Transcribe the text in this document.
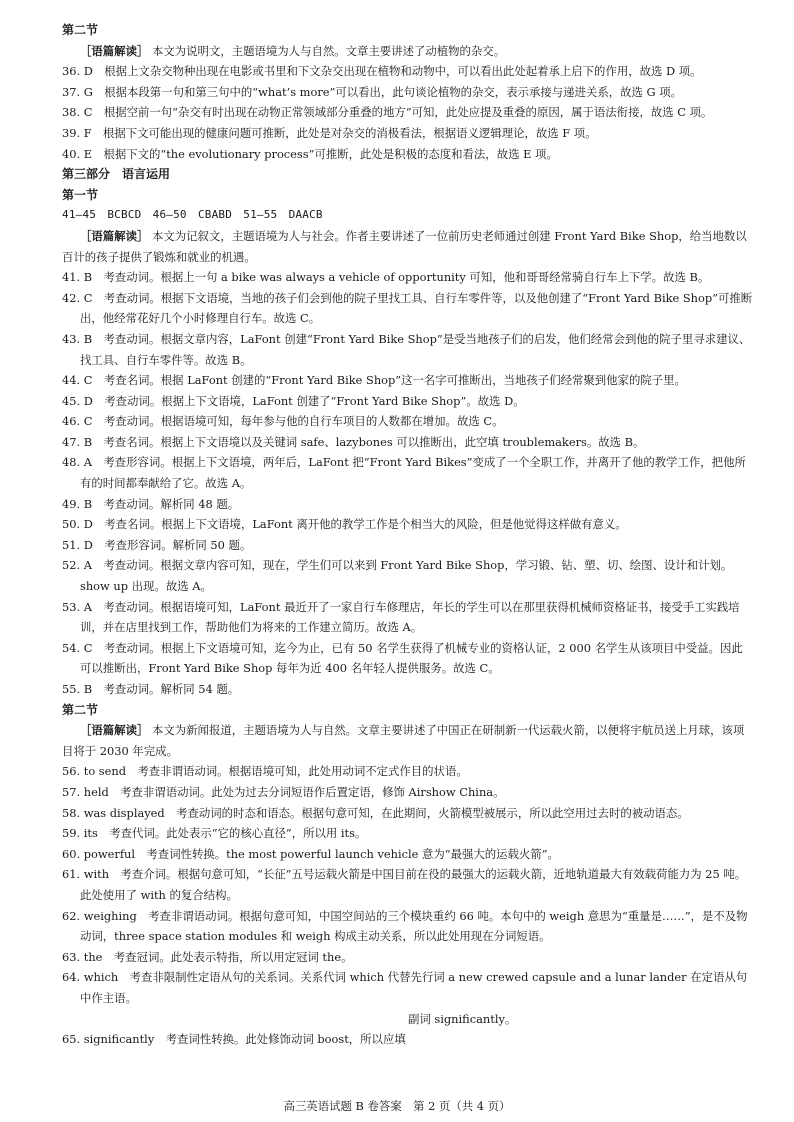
第二节
［语篇解读］ 本文为说明文，主题语境为人与自然。文章主要讲述了动植物的杂交。
36. D　根据上文杂交物种出现在电影或书里和下文杂交出现在植物和动物中，可以看出此处起着承上启下的作用，故选 D 项。
37. G　根据本段第一句和第三句中的“what’s more”可以看出，此句谈论植物的杂交，表示承接与递进关系，故选 G 项。
38. C　根据空前一句“杂交有时出现在动物正常领域部分重叠的地方”可知，此处应提及重叠的原因，属于语法衔接，故选 C 项。
39. F　根据下文可能出现的健康问题可推断，此处是对杂交的消极看法，根据语义逻辑理论，故选 F 项。
40. E　根据下文的“the evolutionary process”可推断，此处是积极的态度和看法，故选 E 项。
第三部分　语言运用
第一节
41—45　BCBCD　46—50　CBABD　51—55　DAACB
［语篇解读］ 本文为记叙文，主题语境为人与社会。作者主要讲述了一位前历史老师通过创建 Front Yard Bike Shop，给当地数以百计的孩子提供了锻炼和就业的机遇。
41. B　考查动词。根据上一句 a bike was always a vehicle of opportunity 可知，他和哥哥经常骑自行车上下学。故选 B。
42. C　考查动词。根据下文语境，当地的孩子们会到他的院子里找工具、自行车零件等，以及他创建了“Front Yard Bike Shop”可推断出，他经常花好几个小时修理自行车。故选 C。
43. B　考查动词。根据文章内容，LaFont 创建“Front Yard Bike Shop”是受当地孩子们的启发，他们经常会到他的院子里寻求建议、找工具、自行车零件等。故选 B。
44. C　考查名词。根据 LaFont 创建的“Front Yard Bike Shop”这一名字可推断出，当地孩子们经常聚到他家的院子里。
45. D　考查动词。根据上下文语境，LaFont 创建了“Front Yard Bike Shop”。故选 D。
46. C　考查动词。根据语境可知，每年参与他的自行车项目的人数都在增加。故选 C。
47. B　考查名词。根据上下文语境以及关键词 safe、lazybones 可以推断出，此空填 troublemakers。故选 B。
48. A　考查形容词。根据上下文语境，两年后，LaFont 把“Front Yard Bikes”变成了一个全职工作，并离开了他的教学工作，把他所有的时间都奉献给了它。故选 A。
49. B　考查动词。解析同 48 题。
50. D　考查名词。根据上下文语境，LaFont 离开他的教学工作是个相当大的风险，但是他觉得这样做有意义。
51. D　考查形容词。解析同 50 题。
52. A　考查动词。根据文章内容可知，现在，学生们可以来到 Front Yard Bike Shop，学习锻、钻、塑、切、绘图、设计和计划。show up 出现。故选 A。
53. A　考查动词。根据语境可知，LaFont 最近开了一家自行车修理店，年长的学生可以在那里获得机械师资格证书，接受手工实践培训，并在店里找到工作，帮助他们为将来的工作建立简历。故选 A。
54. C　考查动词。根据上下文语境可知，迄今为止，已有 50 名学生获得了机械专业的资格认证，2 000 名学生从该项目中受益。因此可以推断出，Front Yard Bike Shop 每年为近 400 名年轻人提供服务。故选 C。
55. B　考查动词。解析同 54 题。
第二节
［语篇解读］ 本文为新闻报道，主题语境为人与自然。文章主要讲述了中国正在研制新一代运载火箭，以便将宇航员送上月球，该项目将于 2030 年完成。
56. to send　考查非谓语动词。根据语境可知，此处用动词不定式作目的状语。
57. held　考查非谓语动词。此处为过去分词短语作后置定语，修饰 Airshow China。
58. was displayed　考查动词的时态和语态。根据句意可知，在此期间，火箭模型被展示，所以此空用过去时的被动语态。
59. its　考查代词。此处表示“它的核心直径”，所以用 its。
60. powerful　考查词性转换。the most powerful launch vehicle 意为“最强大的运载火箭”。
61. with　考查介词。根据句意可知，“长征”五号运载火箭是中国目前在役的最强大的运载火箭，近地轨道最大有效载荷能力为 25 吨。此处使用了 with 的复合结构。
62. weighing　考查非谓语动词。根据句意可知，中国空间站的三个模块重约 66 吨。本句中的 weigh 意思为“重量是……”，是不及物动词，three space station modules 和 weigh 构成主动关系，所以此处用现在分词短语。
63. the　考查冠词。此处表示特指，所以用定冠词 the。
64. which　考查非限制性定语从句的关系词。关系代词 which 代替先行词 a new crewed capsule and a lunar lander 在定语从句中作主语。
副词 significantly。
65. significantly　考查词性转换。此处修饰动词 boost，所以应填
高三英语试题 B 卷答案　第 2 页（共 4 页）
